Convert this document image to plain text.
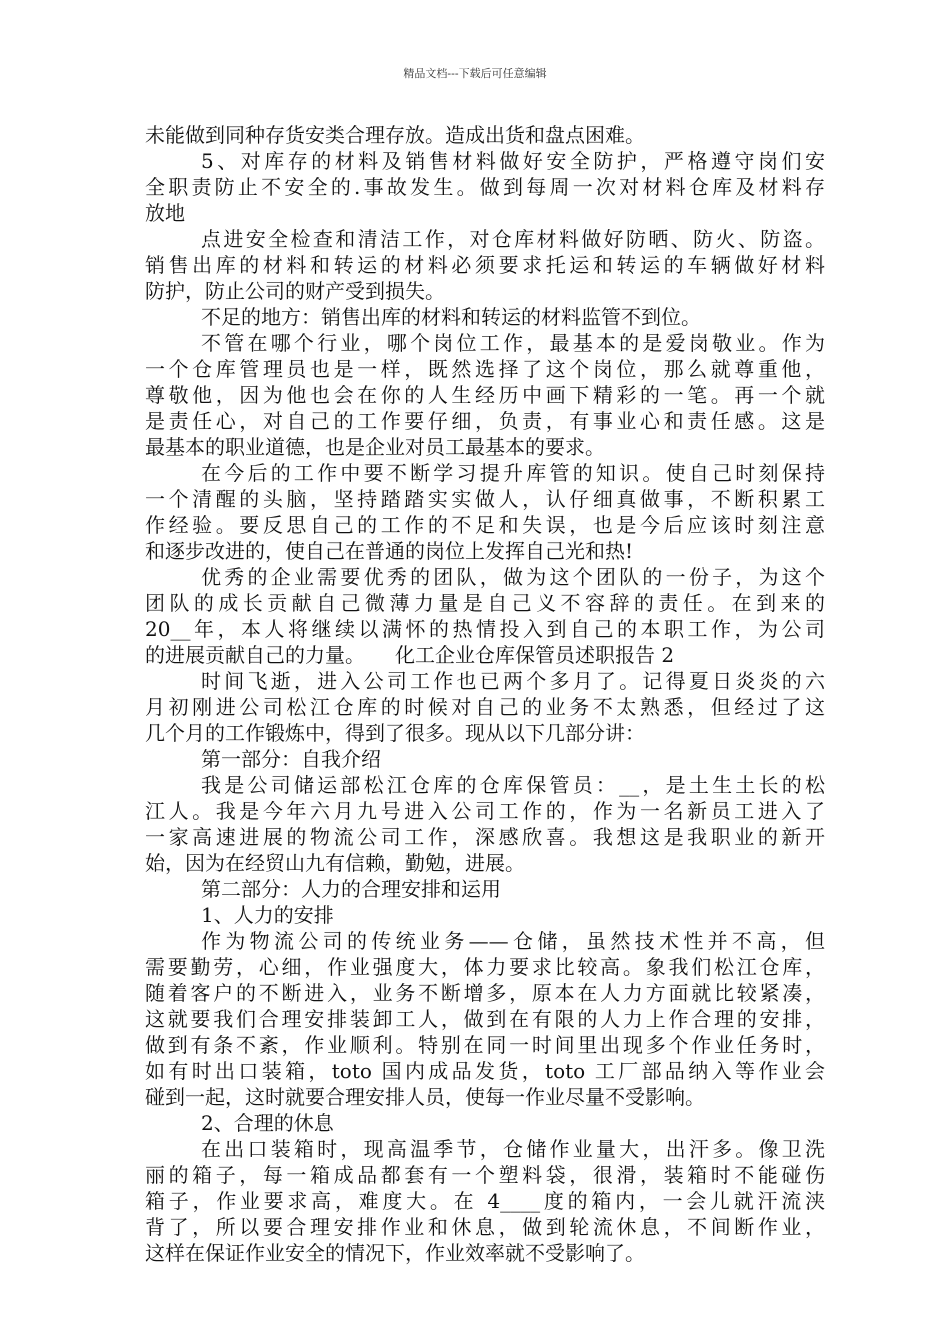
精品文档---下载后可任意编辑
未能做到同种存货安类合理存放。造成出货和盘点困难。
5、对库存的材料及销售材料做好安全防护，严格遵守岗们安
全职责防止不安全的.事故发生。做到每周一次对材料仓库及材料存
放地
点进安全检查和清洁工作，对仓库材料做好防晒、防火、防盗。
销售出库的材料和转运的材料必须要求托运和转运的车辆做好材料
防护，防止公司的财产受到损失。
不足的地方：销售出库的材料和转运的材料监管不到位。
不管在哪个行业，哪个岗位工作，最基本的是爱岗敬业。作为
一个仓库管理员也是一样，既然选择了这个岗位，那么就尊重他，
尊敬他，因为他也会在你的人生经历中画下精彩的一笔。再一个就
是责任心，对自己的工作要仔细，负责，有事业心和责任感。这是
最基本的职业道德，也是企业对员工最基本的要求。
在今后的工作中要不断学习提升库管的知识。使自己时刻保持
一个清醒的头脑，坚持踏踏实实做人，认仔细真做事，不断积累工
作经验。要反思自己的工作的不足和失误，也是今后应该时刻注意
和逐步改进的，使自己在普通的岗位上发挥自己光和热!
优秀的企业需要优秀的团队，做为这个团队的一份子，为这个
团队的成长贡献自己微薄力量是自己义不容辞的责任。在到来的
20__年，本人将继续以满怀的热情投入到自己的本职工作，为公司
的进展贡献自己的力量。　　化工企业仓库保管员述职报告 2
时间飞逝，进入公司工作也已两个多月了。记得夏日炎炎的六
月初刚进公司松江仓库的时候对自己的业务不太熟悉，但经过了这
几个月的工作锻炼中，得到了很多。现从以下几部分讲：
第一部分：自我介绍
我是公司储运部松江仓库的仓库保管员：__，是土生土长的松
江人。我是今年六月九号进入公司工作的，作为一名新员工进入了
一家高速进展的物流公司工作，深感欣喜。我想这是我职业的新开
始，因为在经贸山九有信赖，勤勉，进展。
第二部分：人力的合理安排和运用
1、人力的安排
作为物流公司的传统业务——仓储，虽然技术性并不高，但
需要勤劳，心细，作业强度大，体力要求比较高。象我们松江仓库，
随着客户的不断进入，业务不断增多，原本在人力方面就比较紧凑，
这就要我们合理安排装卸工人，做到在有限的人力上作合理的安排，
做到有条不紊，作业顺利。特别在同一时间里出现多个作业任务时，
如有时出口装箱，toto 国内成品发货，toto 工厂部品纳入等作业会
碰到一起，这时就要合理安排人员，使每一作业尽量不受影响。
2、合理的休息
在出口装箱时，现高温季节，仓储作业量大，出汗多。像卫洗
丽的箱子，每一箱成品都套有一个塑料袋，很滑，装箱时不能碰伤
箱子，作业要求高，难度大。在 4____度的箱内，一会儿就汗流浃
背了，所以要合理安排作业和休息，做到轮流休息，不间断作业，
这样在保证作业安全的情况下，作业效率就不受影响了。
